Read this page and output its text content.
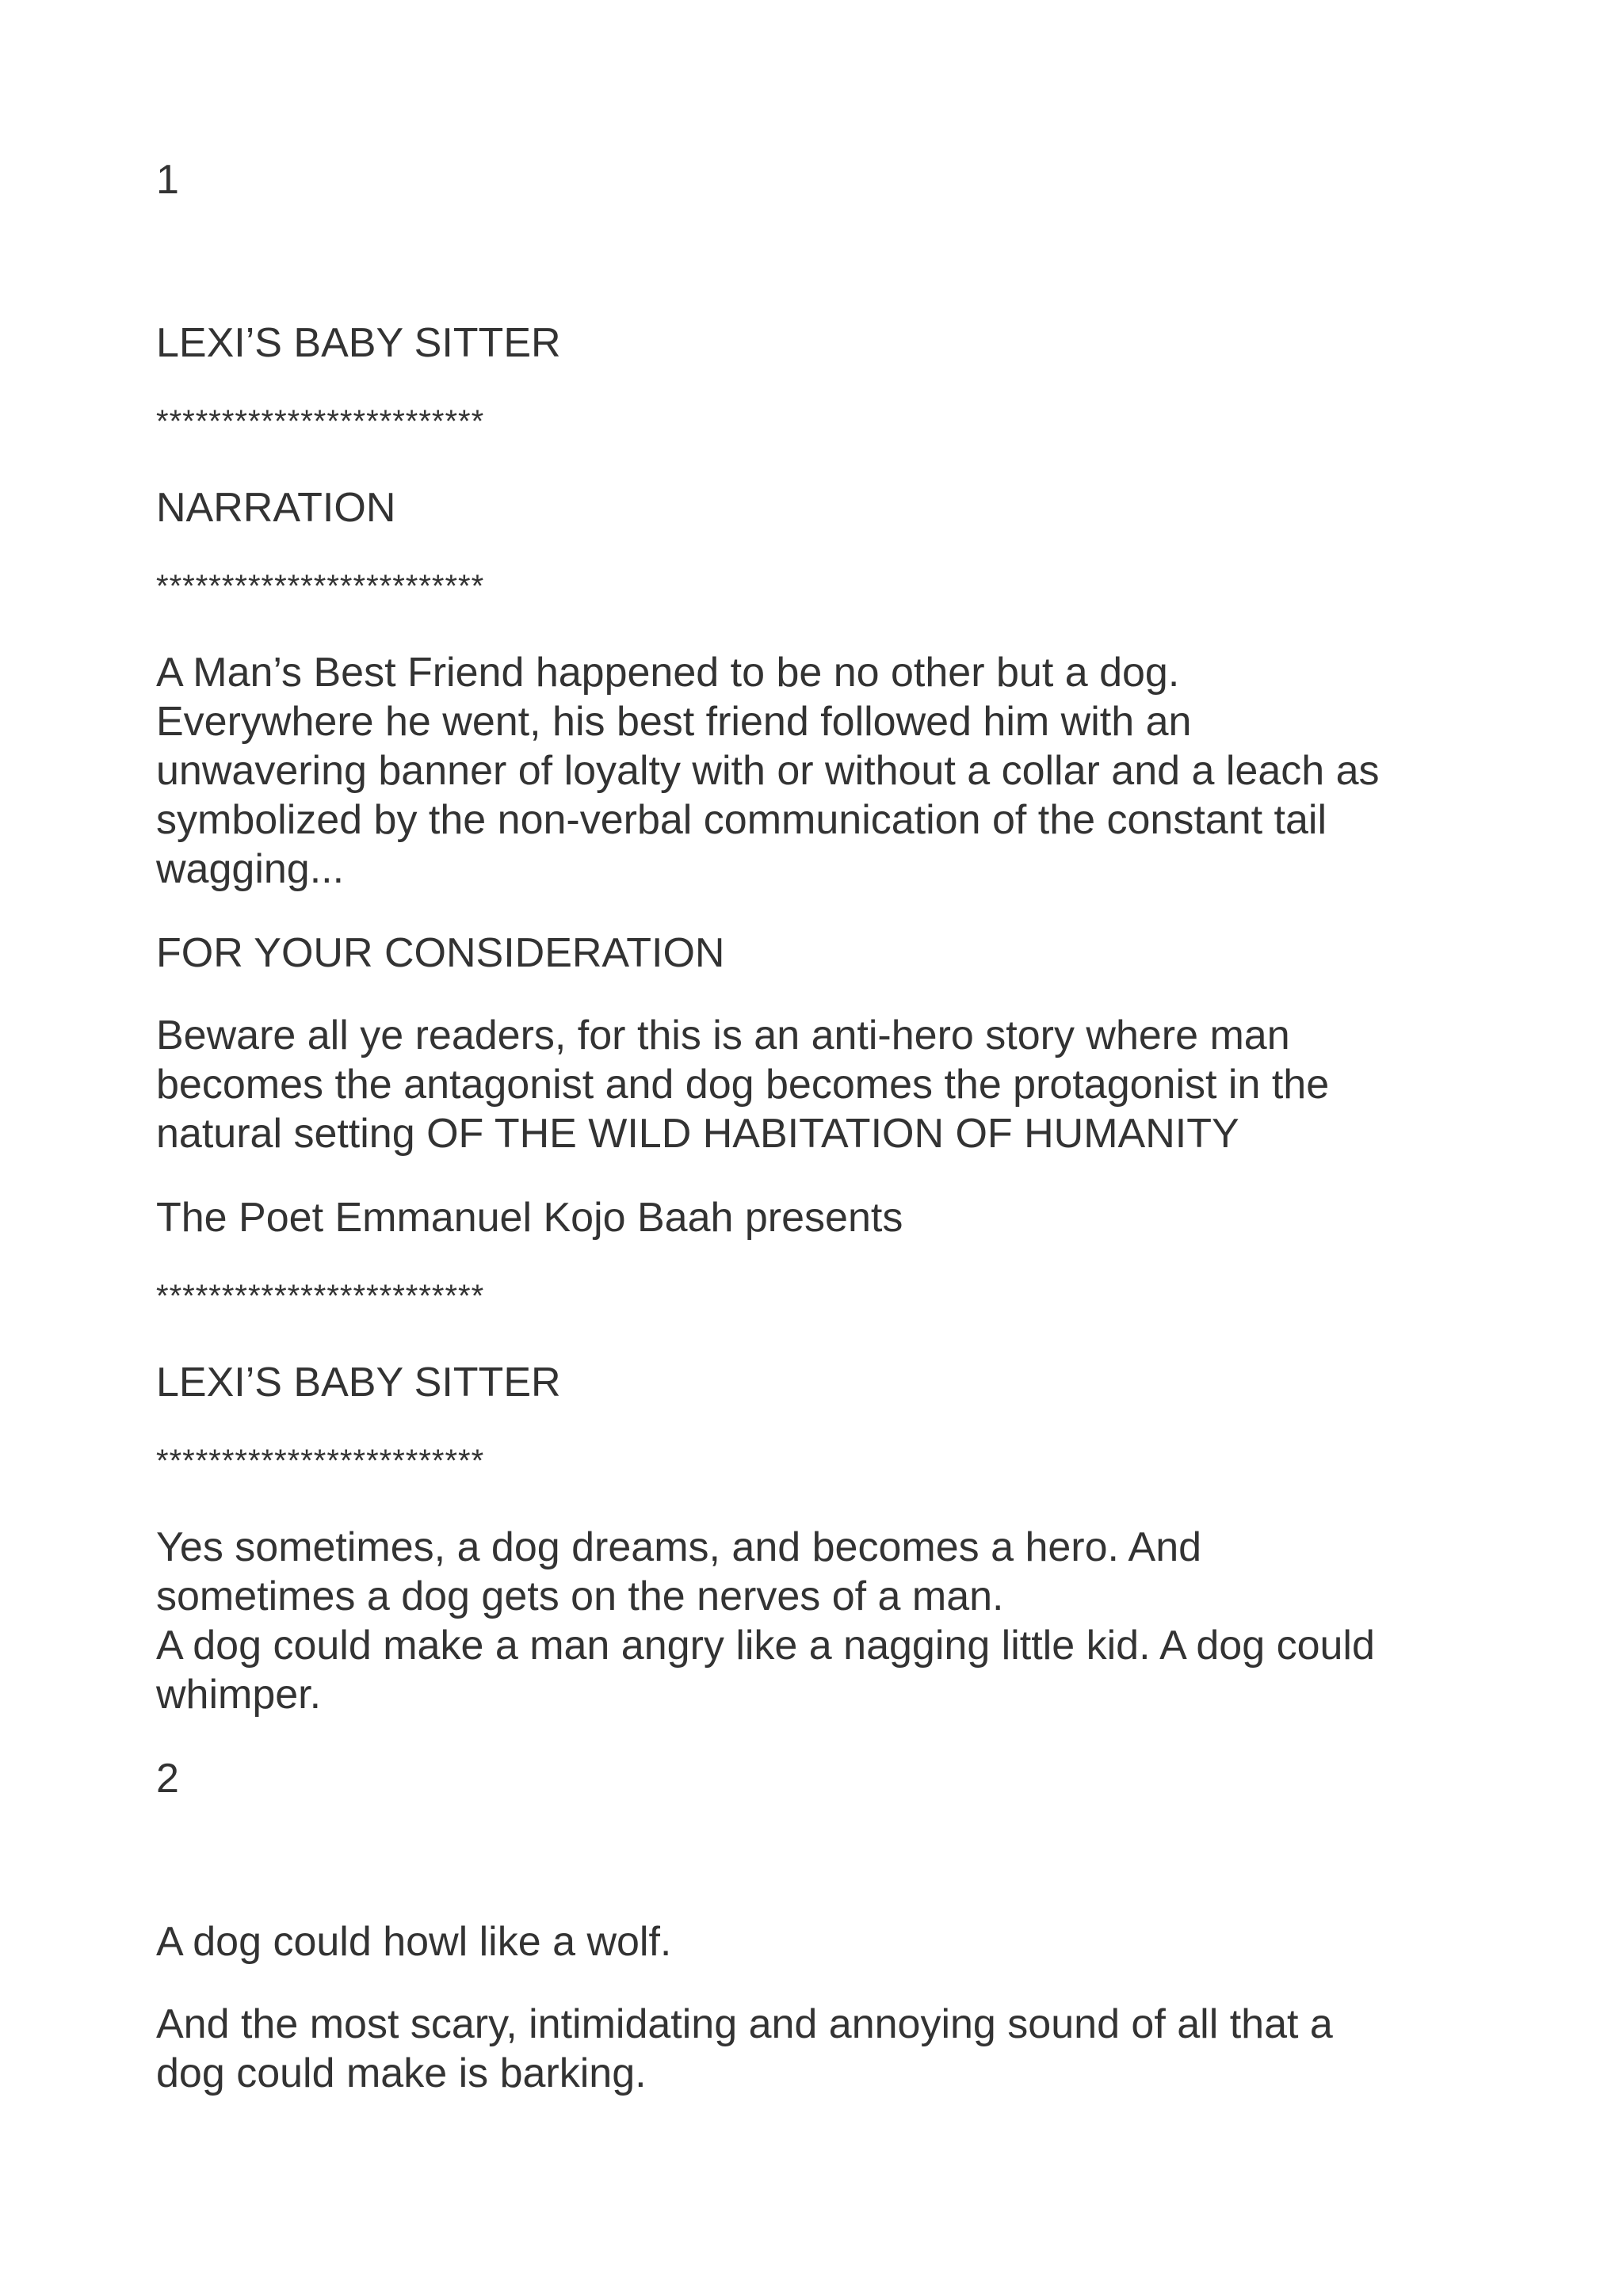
1

LEXI’S BABY SITTER

*************************

NARRATION

*************************

A Man’s Best Friend happened to be no other but a dog.
Everywhere he went, his best friend followed him with an
unwavering banner of loyalty with or without a collar and a leach as
symbolized by the non-verbal communication of the constant tail
wagging...

FOR YOUR CONSIDERATION

Beware all ye readers, for this is an anti-hero story where man
becomes the antagonist and dog becomes the protagonist in the
natural setting OF THE WILD HABITATION OF HUMANITY

The Poet Emmanuel Kojo Baah presents

*************************

LEXI’S BABY SITTER

*************************

Yes sometimes, a dog dreams, and becomes a hero. And
sometimes a dog gets on the nerves of a man.
A dog could make a man angry like a nagging little kid. A dog could
whimper.

2

A dog could howl like a wolf.

And the most scary, intimidating and annoying sound of all that a
dog could make is barking.
